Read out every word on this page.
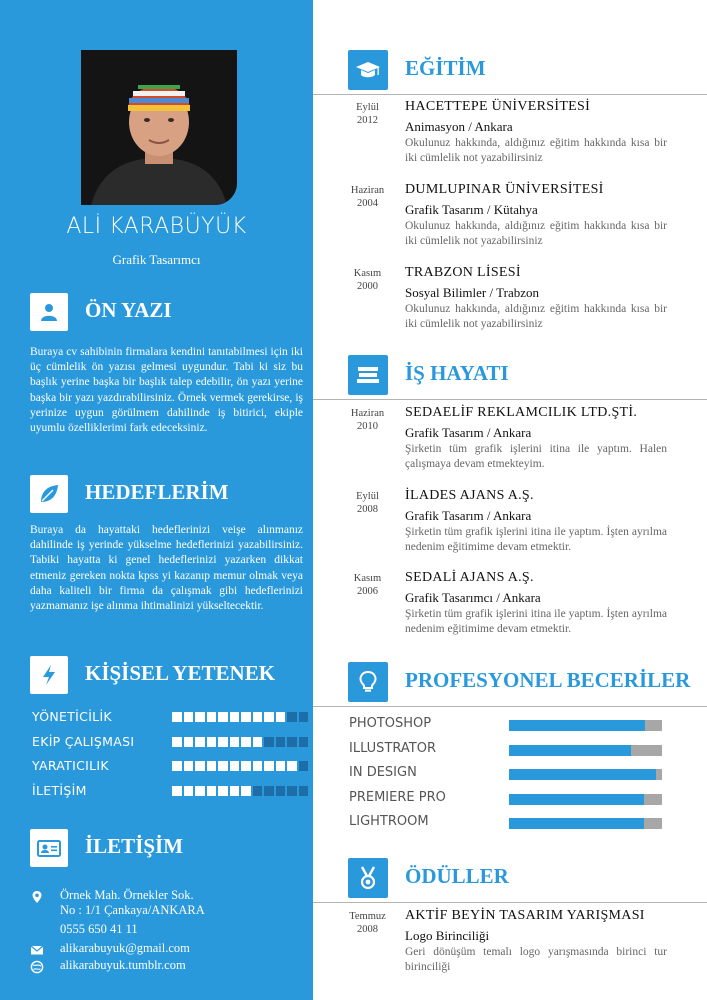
ALİ KARABÜYÜK
Grafik Tasarımcı
ÖN YAZI
Buraya cv sahibinin firmalara kendini tanıtabilmesi için iki üç cümlelik ön yazısı gelmesi uygundur. Tabi ki siz bu başlık yerine başka bir başlık talep edebilir, ön yazı yerine başka bir yazı yazdırabilirsiniz. Örnek vermek gerekirse, iş yerinize uygun görülmem dahilinde iş bitirici, ekiple uyumlu özelliklerimi fark edeceksiniz.
HEDEFLERİM
Buraya da hayattaki hedeflerinizi veişe alınmanız dahilinde iş yerinde yükselme hedeflerinizi yazabilirsiniz. Tabiki hayatta ki genel hedeflerinizi yazarken dikkat etmeniz gereken nokta kpss yi kazanıp memur olmak veya daha kaliteli bir firma da çalışmak gibi hedeflerinizi yazmamanız işe alınma ihtimalinizi yükseltecektir.
KİŞİSEL YETENEK
YÖNETİCİLİK
EKİP ÇALIŞMASI
YARATICILIK
İLETİŞİM
İLETİŞİM
Örnek Mah. Örnekler Sok.
No : 1/1 Çankaya/ANKARA
0555 650 41 11
alikarabuyuk@gmail.com
alikarabuyuk.tumblr.com
EĞİTİM
Eylül
2012
HACETTEPE ÜNİVERSİTESİ
Animasyon / Ankara
Okulunuz hakkında, aldığınız eğitim hakkında kısa bir iki cümlelik not yazabilirsiniz
Haziran
2004
DUMLUPINAR ÜNİVERSİTESİ
Grafik Tasarım / Kütahya
Okulunuz hakkında, aldığınız eğitim hakkında kısa bir iki cümlelik not yazabilirsiniz
Kasım
2000
TRABZON LİSESİ
Sosyal Bilimler / Trabzon
Okulunuz hakkında, aldığınız eğitim hakkında kısa bir iki cümlelik not yazabilirsiniz
İŞ HAYATI
Haziran
2010
SEDAELİF REKLAMCILIK LTD.ŞTİ.
Grafik Tasarım / Ankara
Şirketin tüm grafik işlerini itina ile yaptım. Halen çalışmaya devam etmekteyim.
Eylül
2008
İLADES AJANS A.Ş.
Grafik Tasarım / Ankara
Şirketin tüm grafik işlerini itina ile yaptım. İşten ayrılma nedenim eğitimime devam etmektir.
Kasım
2006
SEDALİ AJANS A.Ş.
Grafik Tasarımcı / Ankara
Şirketin tüm grafik işlerini itina ile yaptım. İşten ayrılma nedenim eğitimime devam etmektir.
PROFESYONEL BECERİLER
PHOTOSHOP
ILLUSTRATOR
IN DESIGN
PREMIERE PRO
LIGHTROOM
ÖDÜLLER
Temmuz
2008
AKTİF BEYİN TASARIM YARIŞMASI
Logo Birinciliği
Geri dönüşüm temalı logo yarışmasında birinci tur birinciliği
